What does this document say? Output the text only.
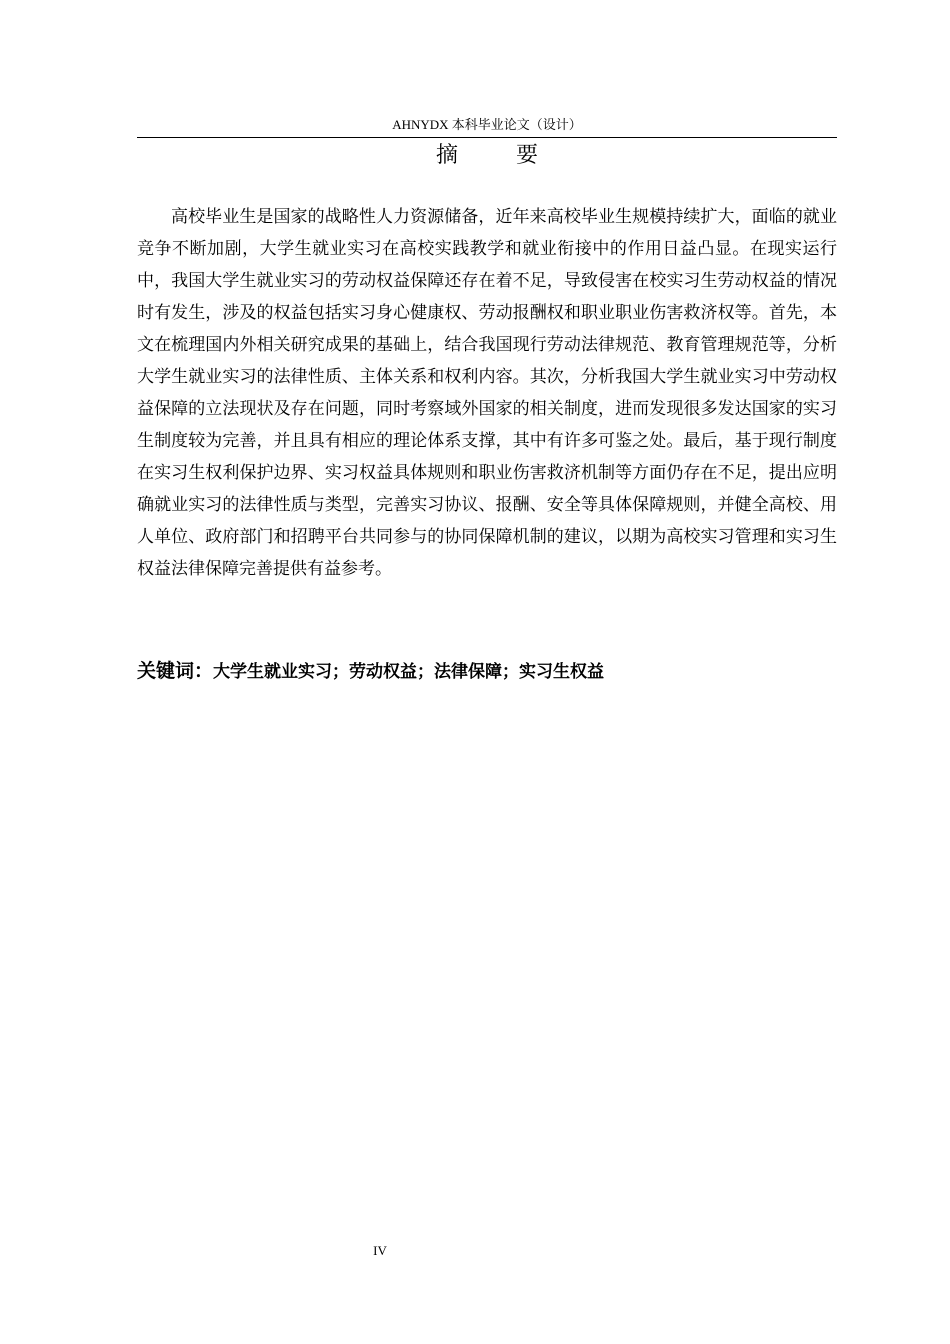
AHNYDX 本科毕业论文（设计）
摘　要

高校毕业生是国家的战略性人力资源储备，近年来高校毕业生规模持续扩大，面临的就业竞争不断加剧，大学生就业实习在高校实践教学和就业衔接中的作用日益凸显。在现实运行中，我国大学生就业实习的劳动权益保障还存在着不足，导致侵害在校实习生劳动权益的情况时有发生，涉及的权益包括实习身心健康权、劳动报酬权和职业职业伤害救济权等。首先，本文在梳理国内外相关研究成果的基础上，结合我国现行劳动法律规范、教育管理规范等，分析大学生就业实习的法律性质、主体关系和权利内容。其次，分析我国大学生就业实习中劳动权益保障的立法现状及存在问题，同时考察域外国家的相关制度，进而发现很多发达国家的实习生制度较为完善，并且具有相应的理论体系支撑，其中有许多可鉴之处。最后，基于现行制度在实习生权利保护边界、实习权益具体规则和职业伤害救济机制等方面仍存在不足，提出应明确就业实习的法律性质与类型，完善实习协议、报酬、安全等具体保障规则，并健全高校、用人单位、政府部门和招聘平台共同参与的协同保障机制的建议，以期为高校实习管理和实习生权益法律保障完善提供有益参考。

关键词：大学生就业实习；劳动权益；法律保障；实习生权益
IV
